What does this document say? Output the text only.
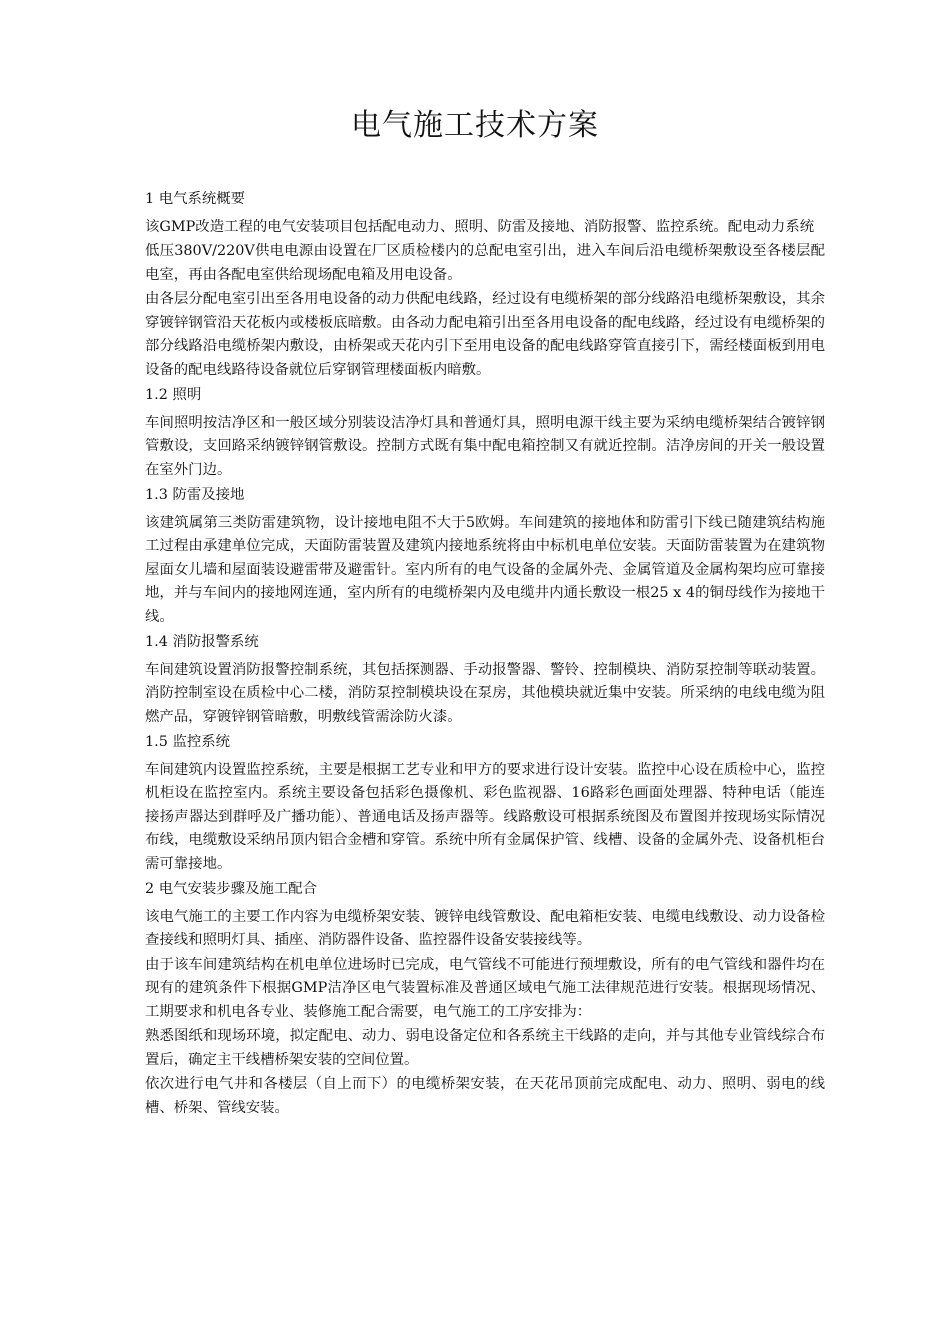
电气施工技术方案

1 电气系统概要

该GMP改造工程的电气安装项目包括配电动力、照明、防雷及接地、消防报警、监控系统。配电动力系统

低压380V/220V供电电源由设置在厂区质检楼内的总配电室引出，进入车间后沿电缆桥架敷设至各楼层配电室，再由各配电室供给现场配电箱及用电设备。

由各层分配电室引出至各用电设备的动力供配电线路，经过设有电缆桥架的部分线路沿电缆桥架敷设，其余穿镀锌钢管沿天花板内或楼板底暗敷。由各动力配电箱引出至各用电设备的配电线路，经过设有电缆桥架的部分线路沿电缆桥架内敷设，由桥架或天花内引下至用电设备的配电线路穿管直接引下，需经楼面板到用电设备的配电线路待设备就位后穿钢管理楼面板内暗敷。

1.2 照明

车间照明按洁净区和一般区域分别装设洁净灯具和普通灯具，照明电源干线主要为采纳电缆桥架结合镀锌钢管敷设，支回路采纳镀锌钢管敷设。控制方式既有集中配电箱控制又有就近控制。洁净房间的开关一般设置在室外门边。

1.3 防雷及接地

该建筑属第三类防雷建筑物，设计接地电阻不大于5欧姆。车间建筑的接地体和防雷引下线已随建筑结构施工过程由承建单位完成，天面防雷装置及建筑内接地系统将由中标机电单位安装。天面防雷装置为在建筑物屋面女儿墙和屋面装设避雷带及避雷针。室内所有的电气设备的金属外壳、金属管道及金属构架均应可靠接地，并与车间内的接地网连通，室内所有的电缆桥架内及电缆井内通长敷设一根25 x 4的铜母线作为接地干线。

1.4 消防报警系统

车间建筑设置消防报警控制系统，其包括探测器、手动报警器、警铃、控制模块、消防泵控制等联动装置。消防控制室设在质检中心二楼，消防泵控制模块设在泵房，其他模块就近集中安装。所采纳的电线电缆为阻燃产品，穿镀锌钢管暗敷，明敷线管需涂防火漆。

1.5 监控系统

车间建筑内设置监控系统，主要是根据工艺专业和甲方的要求进行设计安装。监控中心设在质检中心，监控机柜设在监控室内。系统主要设备包括彩色摄像机、彩色监视器、16路彩色画面处理器、特种电话（能连接扬声器达到群呼及广播功能）、普通电话及扬声器等。线路敷设可根据系统图及布置图并按现场实际情况布线，电缆敷设采纳吊顶内铝合金槽和穿管。系统中所有金属保护管、线槽、设备的金属外壳、设备机柜台需可靠接地。

2 电气安装步骤及施工配合

该电气施工的主要工作内容为电缆桥架安装、镀锌电线管敷设、配电箱柜安装、电缆电线敷设、动力设备检查接线和照明灯具、插座、消防器件设备、监控器件设备安装接线等。

由于该车间建筑结构在机电单位进场时已完成，电气管线不可能进行预埋敷设，所有的电气管线和器件均在现有的建筑条件下根据GMP洁净区电气装置标准及普通区域电气施工法律规范进行安装。根据现场情况、工期要求和机电各专业、装修施工配合需要，电气施工的工序安排为：

熟悉图纸和现场环境，拟定配电、动力、弱电设备定位和各系统主干线路的走向，并与其他专业管线综合布置后，确定主干线槽桥架安装的空间位置。

依次进行电气井和各楼层（自上而下）的电缆桥架安装，在天花吊顶前完成配电、动力、照明、弱电的线槽、桥架、管线安装。
